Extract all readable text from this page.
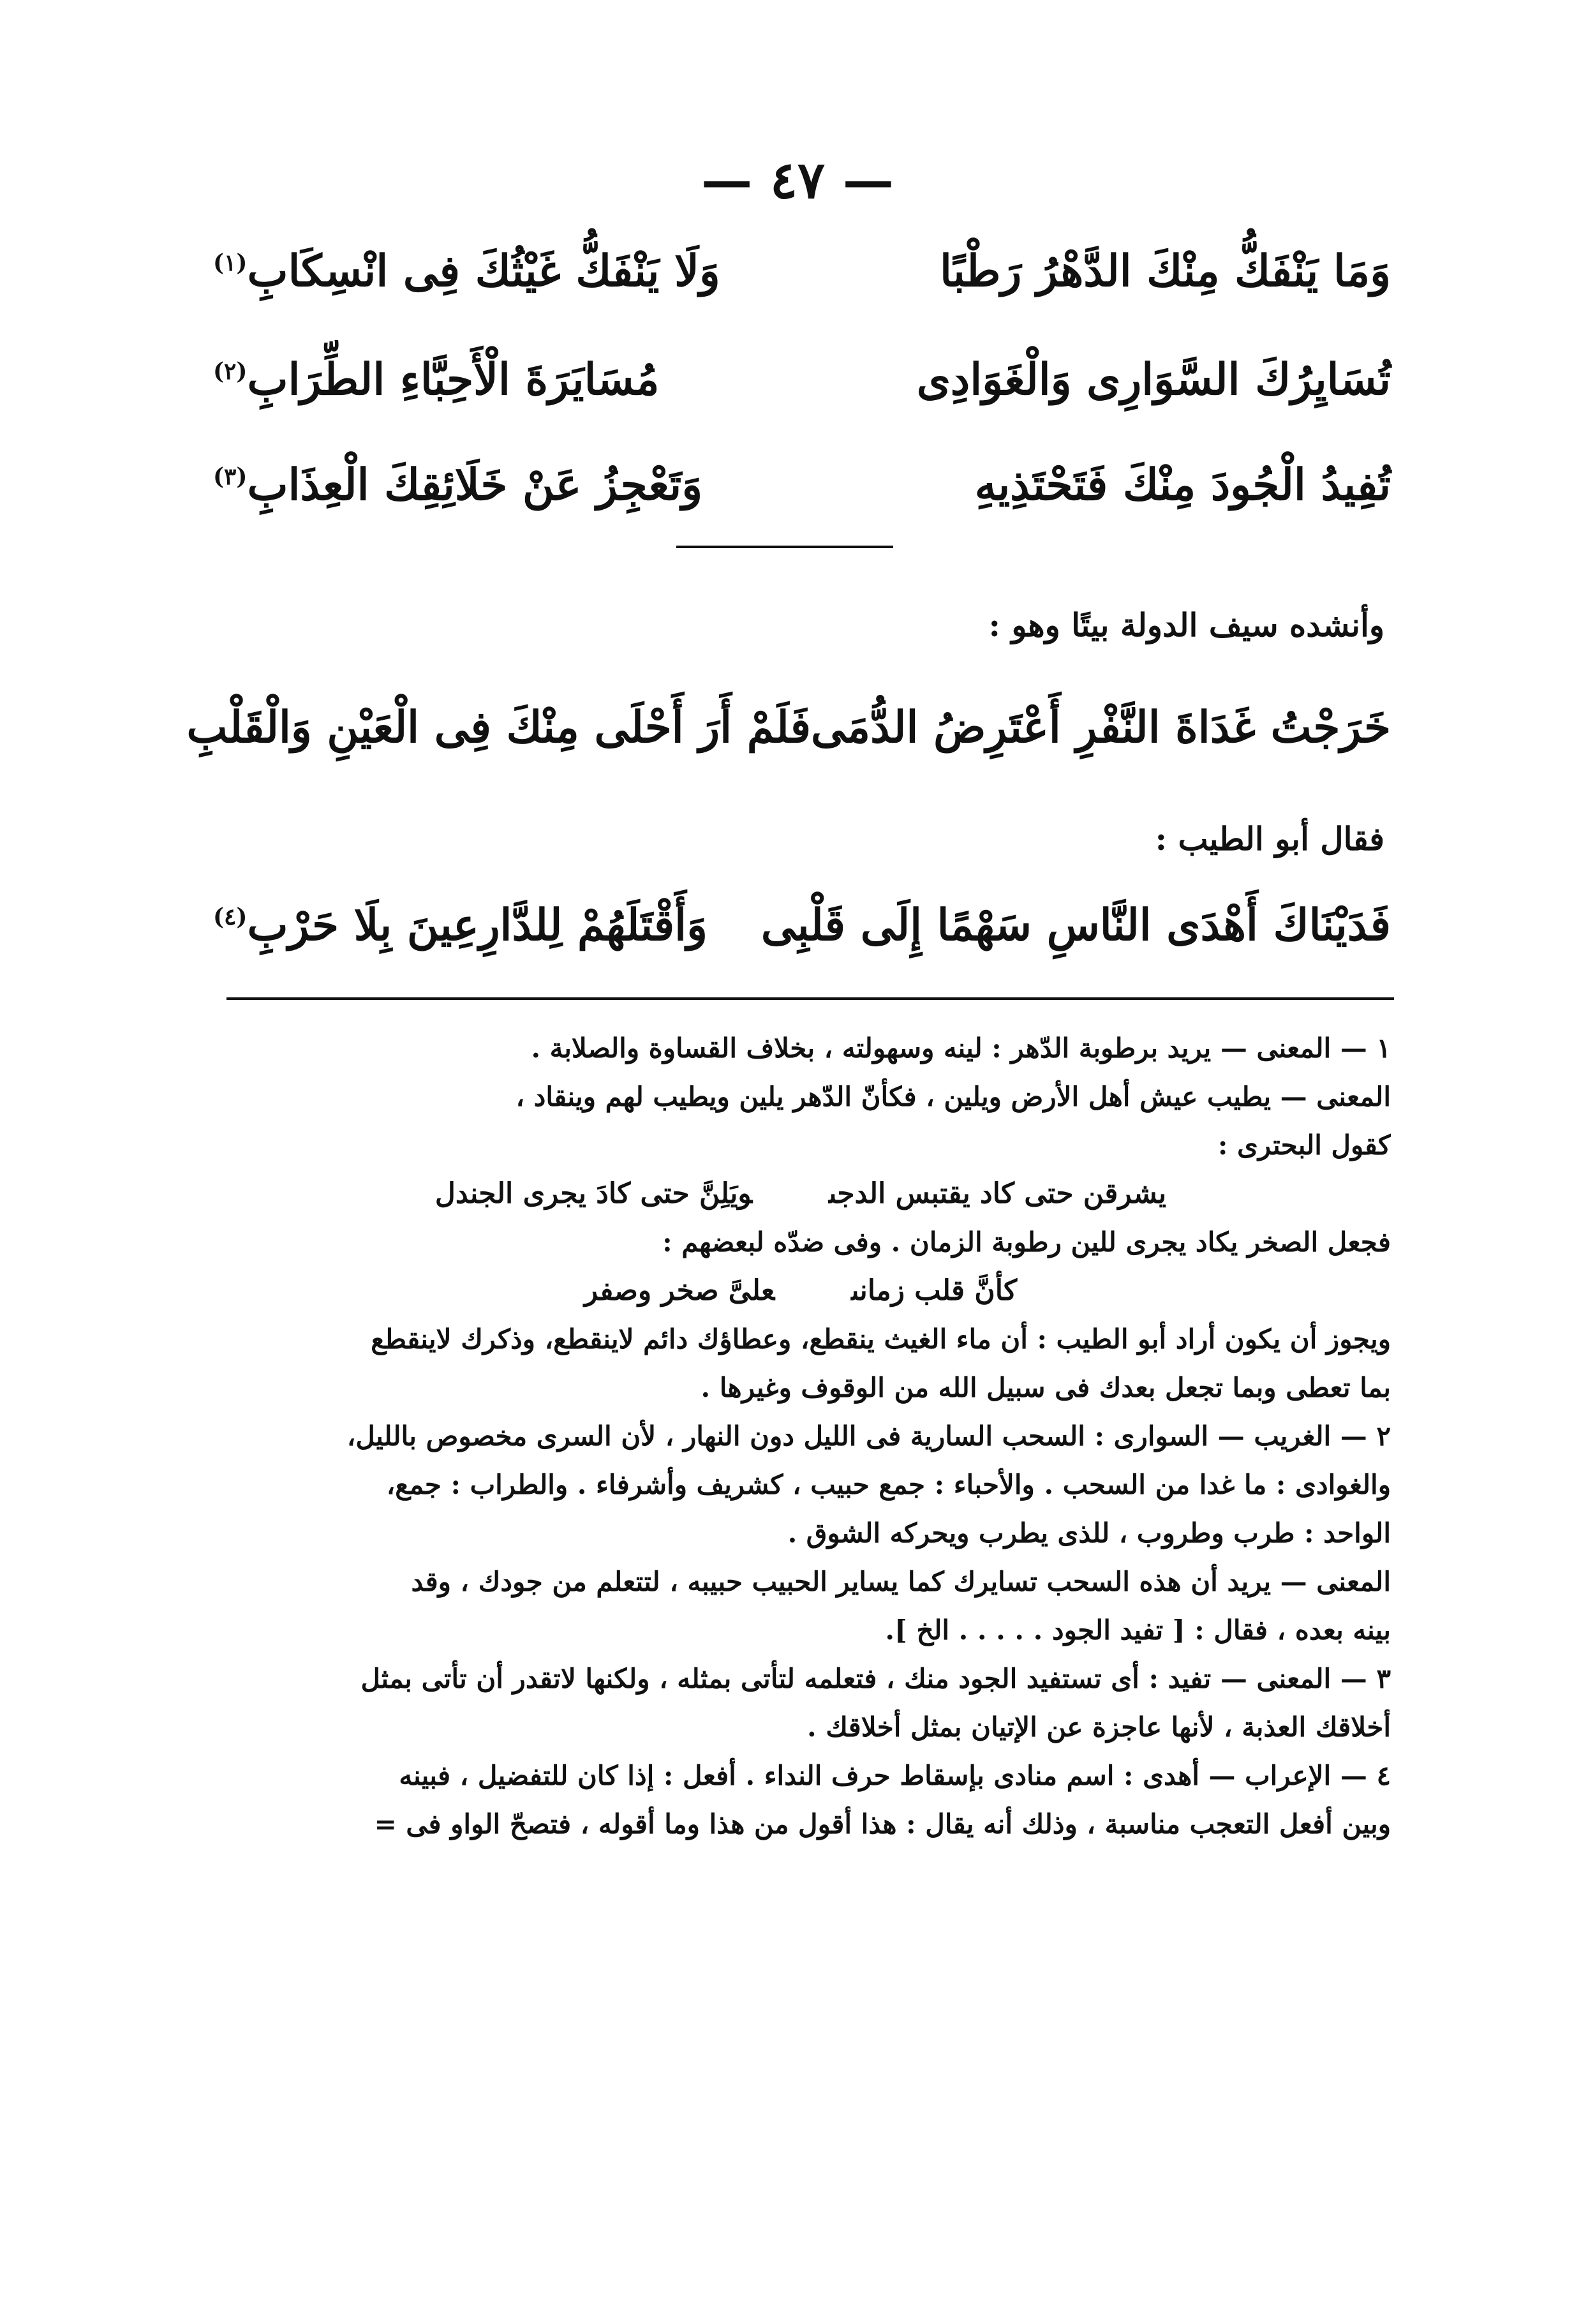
— ٤٧ —
وَمَا يَنْفَكُّ مِنْكَ الدَّهْرُ رَطْبًا
وَلَا يَنْفَكُّ غَيْثُكَ فِى انْسِكَابِ(١)
تُسَايِرُكَ السَّوَارِى وَالْغَوَادِى
مُسَايَرَةَ الْأَحِبَّاءِ الطِّرَابِ(٢)
تُفِيدُ الْجُودَ مِنْكَ فَتَحْتَذِيهِ
وَتَعْجِزُ عَنْ خَلَائِقِكَ الْعِذَابِ(٣)
وأنشده سيف الدولة بيتًا وهو :
خَرَجْتُ غَدَاةَ النَّفْرِ أَعْتَرِضُ الدُّمَى
فَلَمْ أَرَ أَحْلَى مِنْكَ فِى الْعَيْنِ وَالْقَلْبِ
فقال أبو الطيب :
فَدَيْنَاكَ أَهْدَى النَّاسِ سَهْمًا إِلَى قَلْبِى
وَأَقْتَلَهُمْ لِلدَّارِعِينَ بِلَا حَرْبِ(٤)
١ — المعنى — يريد برطوبة الدّهر : لينه وسهولته ، بخلاف القساوة والصلابة .
المعنى — يطيب عيش أهل الأرض ويلين ، فكأنّ الدّهر يلين ويطيب لهم وينقاد ،
كقول البحترى :
يشرقن حتى كاد يقتبس الدجىويَلِنَّ حتى كادَ يجرى الجندل
فجعل الصخر يكاد يجرى للين رطوبة الزمان . وفى ضدّه لبعضهم :
كأنَّ قلب زمانىعلىَّ صخر وصفر
ويجوز أن يكون أراد أبو الطيب : أن ماء الغيث ينقطع، وعطاؤك دائم لاينقطع، وذكرك لاينقطع
بما تعطى وبما تجعل بعدك فى سبيل الله من الوقوف وغيرها .
٢ — الغريب — السوارى : السحب السارية فى الليل دون النهار ، لأن السرى مخصوص بالليل،
والغوادى : ما غدا من السحب . والأحباء : جمع حبيب ، كشريف وأشرفاء . والطراب : جمع،
الواحد : طرب وطروب ، للذى يطرب ويحركه الشوق .
المعنى — يريد أن هذه السحب تسايرك كما يساير الحبيب حبيبه ، لتتعلم من جودك ، وقد
بينه بعده ، فقال : [ تفيد الجود . . . . . الخ ].
٣ — المعنى — تفيد : أى تستفيد الجود منك ، فتعلمه لتأتى بمثله ، ولكنها لاتقدر أن تأتى بمثل
أخلاقك العذبة ، لأنها عاجزة عن الإتيان بمثل أخلاقك .
٤ — الإعراب — أهدى : اسم منادى بإسقاط حرف النداء . أفعل : إذا كان للتفضيل ، فبينه
وبين أفعل التعجب مناسبة ، وذلك أنه يقال : هذا أقول من هذا وما أقوله ، فتصحّ الواو فى =
